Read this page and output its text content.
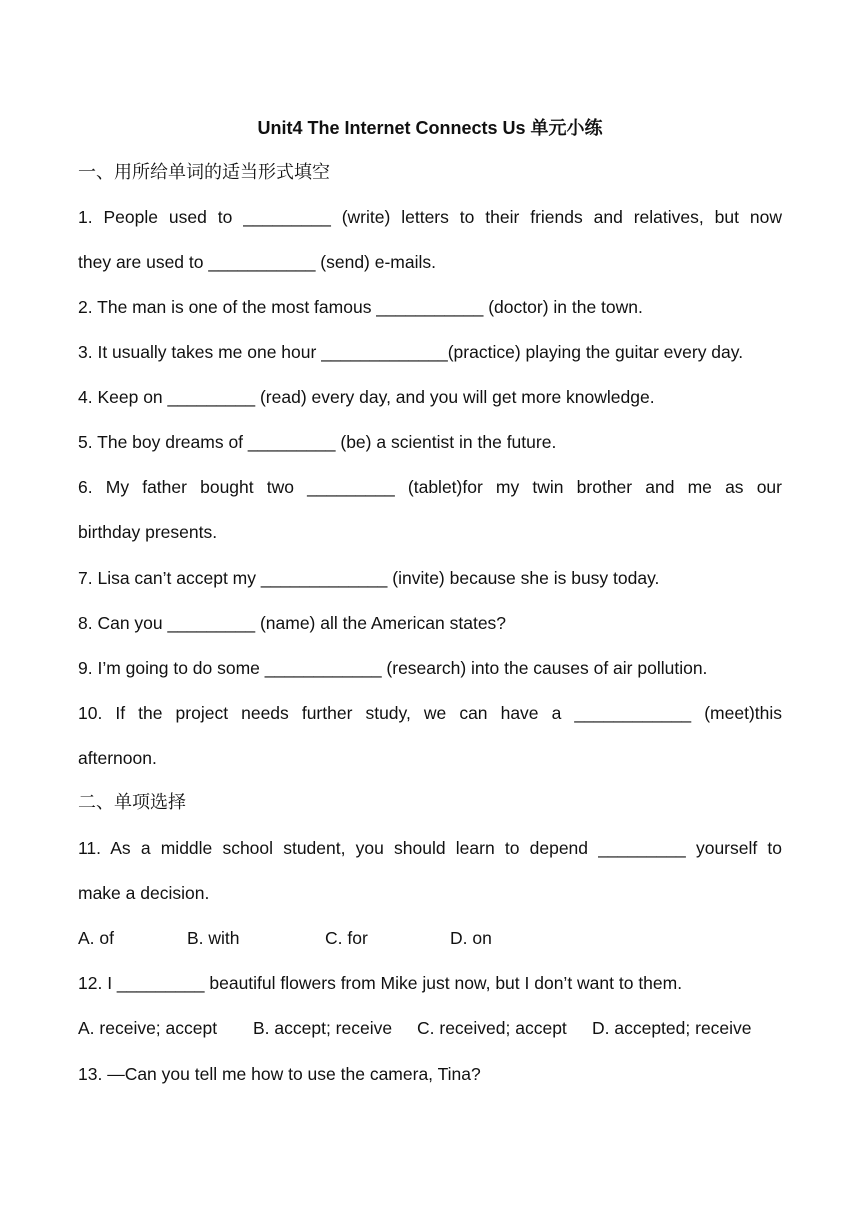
Unit4 The Internet Connects Us 单元小练
一、用所给单词的适当形式填空
1. People used to _________ (write) letters to their friends and relatives, but now
they are used to ___________ (send) e-mails.
2. The man is one of the most famous ___________ (doctor) in the town.
3. It usually takes me one hour _____________(practice) playing the guitar every day.
4. Keep on _________ (read) every day, and you will get more knowledge.
5. The boy dreams of _________ (be) a scientist in the future.
6. My father bought two _________ (tablet)for my twin brother and me as our
birthday presents.
7. Lisa can’t accept my _____________ (invite) because she is busy today.
8. Can you _________ (name) all the American states?
9. I’m going to do some ____________ (research) into the causes of air pollution.
10. If the project needs further study, we can have a ____________ (meet)this
afternoon.
二、单项选择
11. As a middle school student, you should learn to depend _________ yourself to
make a decision.
A. of	B. with	C. for	D. on
12. I _________ beautiful flowers from Mike just now, but I don’t want to them.
A. receive; accept B. accept; receive C. received; accept D. accepted; receive
13. —Can you tell me how to use the camera, Tina?
